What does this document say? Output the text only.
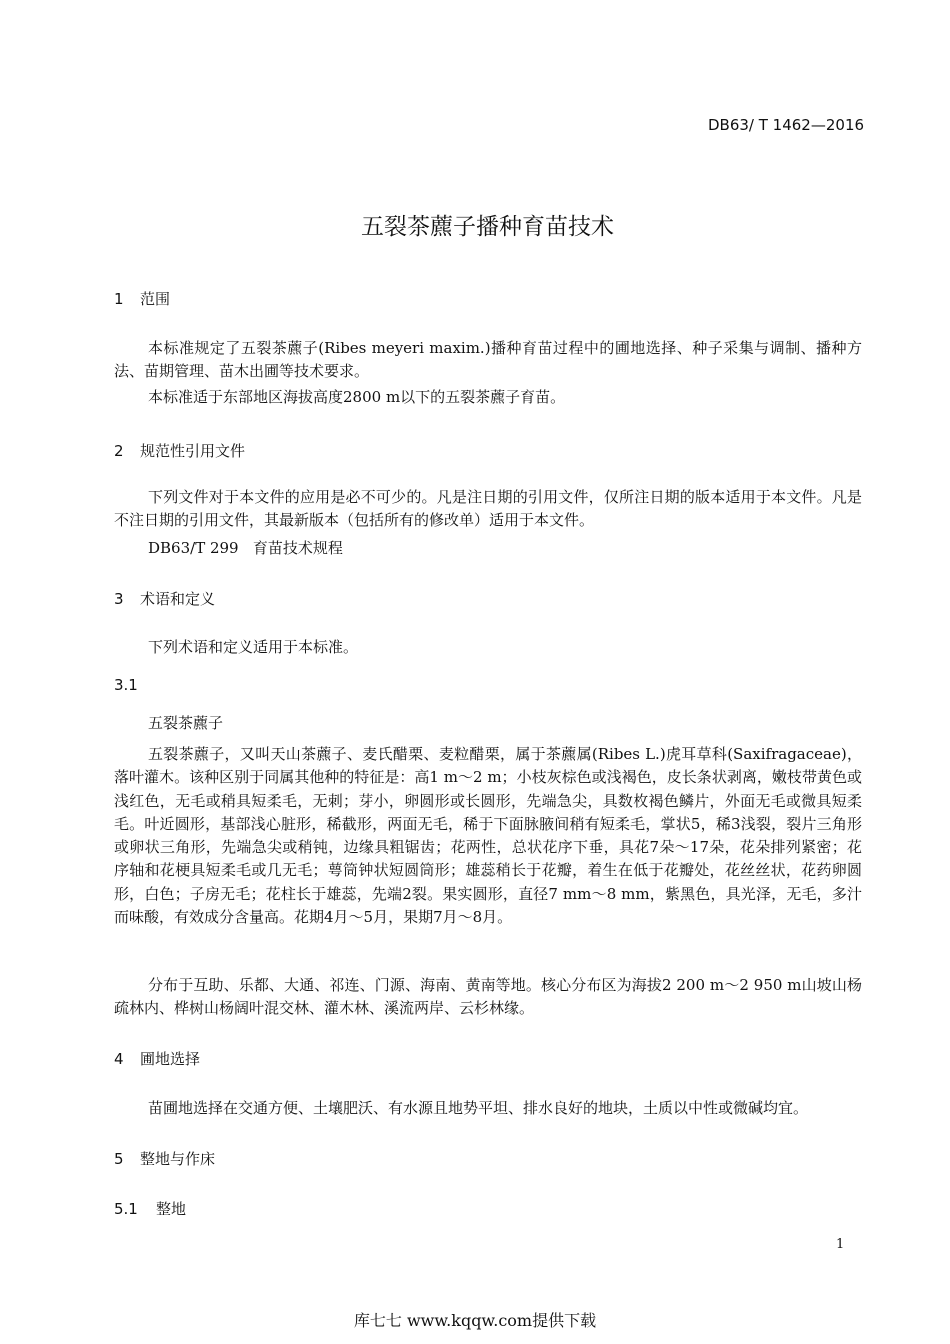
DB63/ T 1462—2016
五裂茶藨子播种育苗技术
1 范围
本标准规定了五裂茶藨子(Ribes meyeri maxim.)播种育苗过程中的圃地选择、种子采集与调制、播种方法、苗期管理、苗木出圃等技术要求。
本标准适于东部地区海拔高度2800 m以下的五裂茶藨子育苗。
2 规范性引用文件
下列文件对于本文件的应用是必不可少的。凡是注日期的引用文件，仅所注日期的版本适用于本文件。凡是不注日期的引用文件，其最新版本（包括所有的修改单）适用于本文件。
DB63/T 299   育苗技术规程
3 术语和定义
下列术语和定义适用于本标准。
3.1
五裂茶藨子
五裂茶藨子，又叫天山茶藨子、麦氏醋栗、麦粒醋栗，属于茶藨属(Ribes L.)虎耳草科(Saxifragaceae)，落叶灌木。该种区别于同属其他种的特征是：高1 m～2 m；小枝灰棕色或浅褐色，皮长条状剥离，嫩枝带黄色或浅红色，无毛或稍具短柔毛，无刺；芽小，卵圆形或长圆形，先端急尖，具数枚褐色鳞片，外面无毛或微具短柔毛。叶近圆形，基部浅心脏形，稀截形，两面无毛，稀于下面脉腋间稍有短柔毛，掌状5，稀3浅裂，裂片三角形或卵状三角形，先端急尖或稍钝，边缘具粗锯齿；花两性，总状花序下垂，具花7朵～17朵，花朵排列紧密；花序轴和花梗具短柔毛或几无毛；萼筒钟状短圆筒形；雄蕊稍长于花瓣，着生在低于花瓣处，花丝丝状，花药卵圆形，白色；子房无毛；花柱长于雄蕊，先端2裂。果实圆形，直径7 mm～8 mm，紫黑色，具光泽，无毛，多汁而味酸，有效成分含量高。花期4月～5月，果期7月～8月。
分布于互助、乐都、大通、祁连、门源、海南、黄南等地。核心分布区为海拔2 200 m～2 950 m山坡山杨疏林内、桦树山杨阔叶混交林、灌木林、溪流两岸、云杉林缘。
4 圃地选择
苗圃地选择在交通方便、土壤肥沃、有水源且地势平坦、排水良好的地块，土质以中性或微碱均宜。
5 整地与作床
5.1 整地
1
库七七 www.kqqw.com提供下载
